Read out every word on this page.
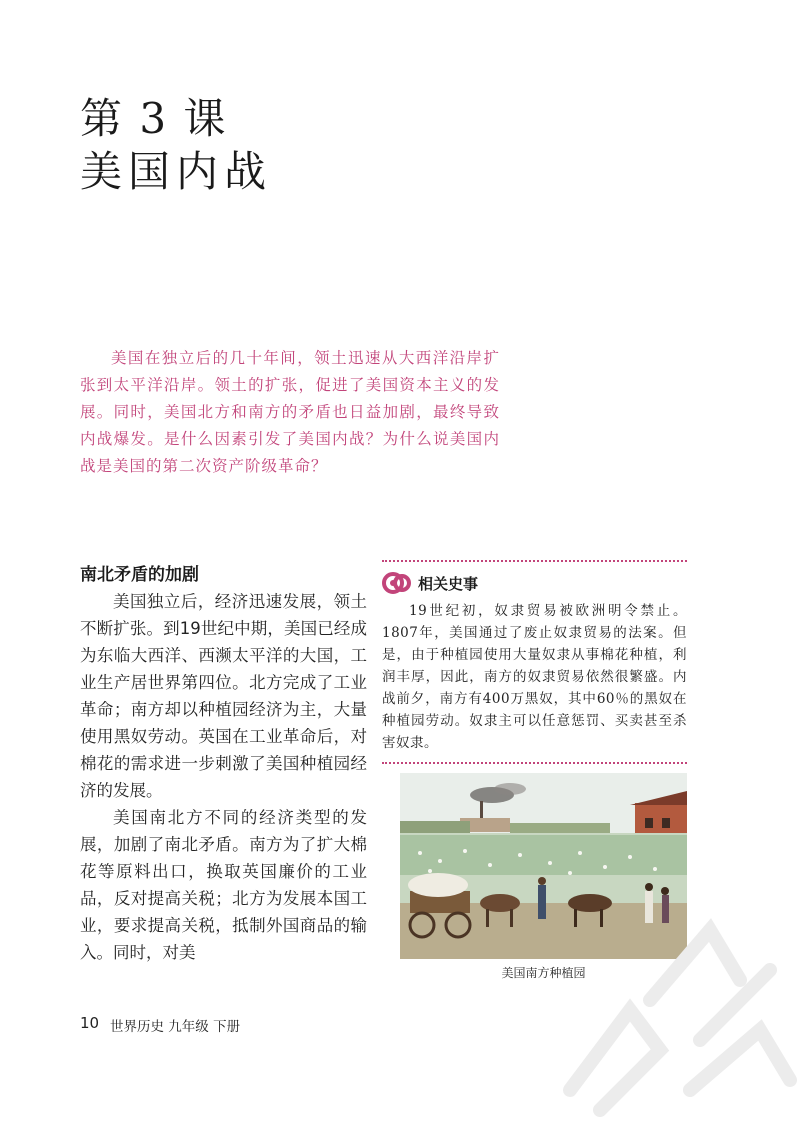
第 3 课
美国内战
美国在独立后的几十年间，领土迅速从大西洋沿岸扩张到太平洋沿岸。领土的扩张，促进了美国资本主义的发展。同时，美国北方和南方的矛盾也日益加剧，最终导致内战爆发。是什么因素引发了美国内战？为什么说美国内战是美国的第二次资产阶级革命？
南北矛盾的加剧

美国独立后，经济迅速发展，领土不断扩张。到19世纪中期，美国已经成为东临大西洋、西濒太平洋的大国，工业生产居世界第四位。北方完成了工业革命；南方却以种植园经济为主，大量使用黑奴劳动。英国在工业革命后，对棉花的需求进一步刺激了美国种植园经济的发展。

美国南北方不同的经济类型的发展，加剧了南北矛盾。南方为了扩大棉花等原料出口，换取英国廉价的工业品，反对提高关税；北方为发展本国工业，要求提高关税，抵制外国商品的输入。同时，对美

相关史事

19世纪初，奴隶贸易被欧洲明令禁止。1807年，美国通过了废止奴隶贸易的法案。但是，由于种植园使用大量奴隶从事棉花种植，利润丰厚，因此，南方的奴隶贸易依然很繁盛。内战前夕，南方有400万黑奴，其中60％的黑奴在种植园劳动。奴隶主可以任意惩罚、买卖甚至杀害奴隶。

美国南方种植园
10 世界历史 九年级 下册
